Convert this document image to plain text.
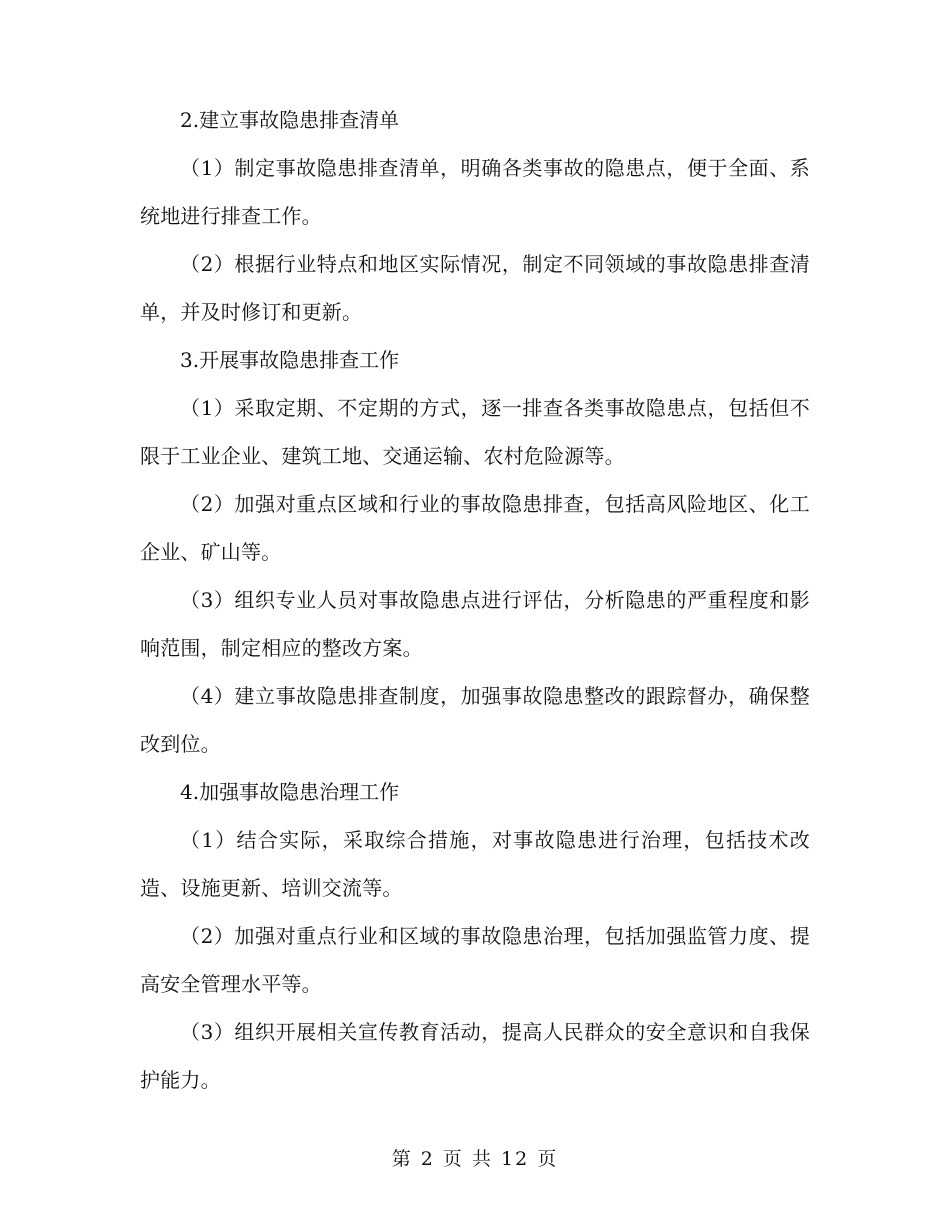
2.建立事故隐患排查清单

（1）制定事故隐患排查清单，明确各类事故的隐患点，便于全面、系统地进行排查工作。

（2）根据行业特点和地区实际情况，制定不同领域的事故隐患排查清单，并及时修订和更新。

3.开展事故隐患排查工作

（1）采取定期、不定期的方式，逐一排查各类事故隐患点，包括但不限于工业企业、建筑工地、交通运输、农村危险源等。

（2）加强对重点区域和行业的事故隐患排查，包括高风险地区、化工企业、矿山等。

（3）组织专业人员对事故隐患点进行评估，分析隐患的严重程度和影响范围，制定相应的整改方案。

（4）建立事故隐患排查制度，加强事故隐患整改的跟踪督办，确保整改到位。

4.加强事故隐患治理工作

（1）结合实际，采取综合措施，对事故隐患进行治理，包括技术改造、设施更新、培训交流等。

（2）加强对重点行业和区域的事故隐患治理，包括加强监管力度、提高安全管理水平等。

（3）组织开展相关宣传教育活动，提高人民群众的安全意识和自我保护能力。

第 2 页 共 12 页
